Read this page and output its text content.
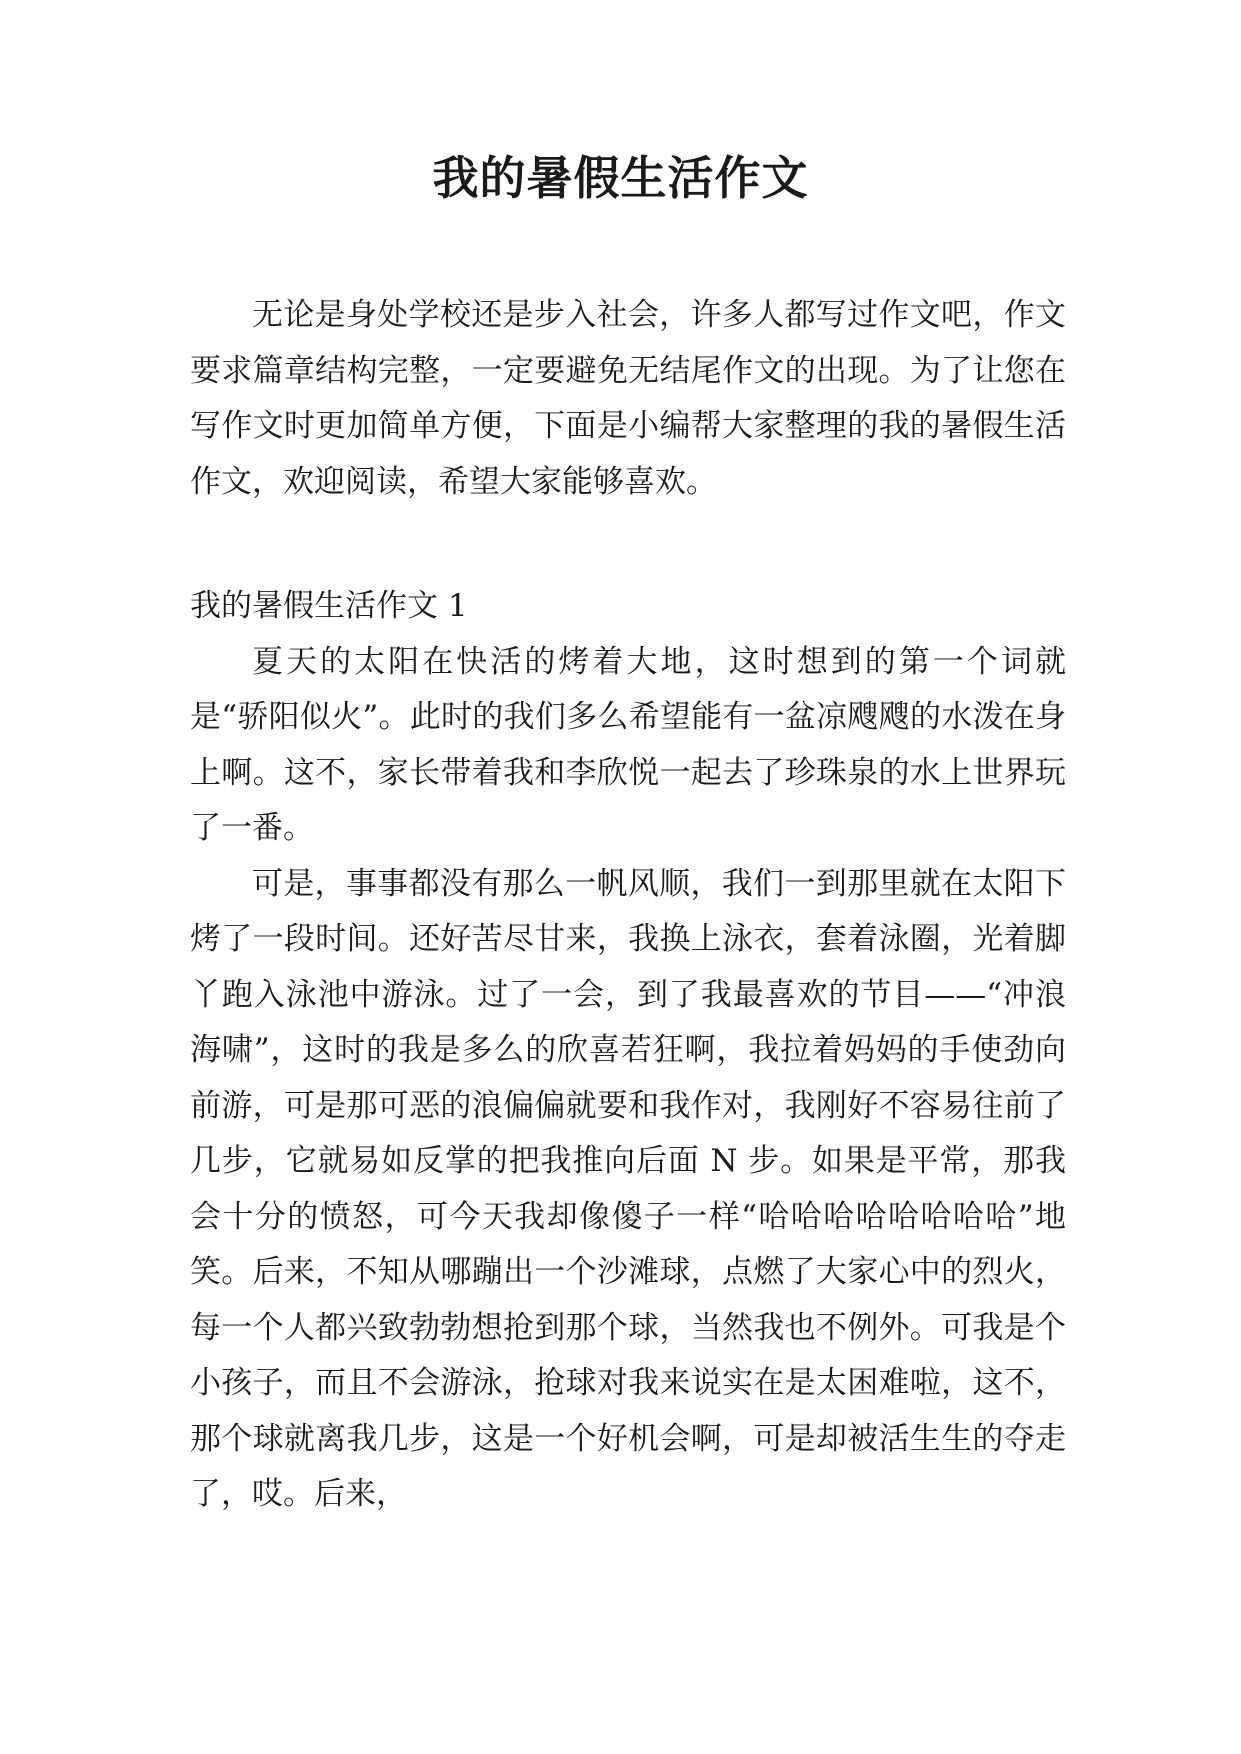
我的暑假生活作文

无论是身处学校还是步入社会，许多人都写过作文吧，作文要求篇章结构完整，一定要避免无结尾作文的出现。为了让您在写作文时更加简单方便，下面是小编帮大家整理的我的暑假生活作文，欢迎阅读，希望大家能够喜欢。

我的暑假生活作文 1

夏天的太阳在快活的烤着大地，这时想到的第一个词就是“骄阳似火”。此时的我们多么希望能有一盆凉飕飕的水泼在身上啊。这不，家长带着我和李欣悦一起去了珍珠泉的水上世界玩了一番。

可是，事事都没有那么一帆风顺，我们一到那里就在太阳下烤了一段时间。还好苦尽甘来，我换上泳衣，套着泳圈，光着脚丫跑入泳池中游泳。过了一会，到了我最喜欢的节目——“冲浪海啸”，这时的我是多么的欣喜若狂啊，我拉着妈妈的手使劲向前游，可是那可恶的浪偏偏就要和我作对，我刚好不容易往前了几步，它就易如反掌的把我推向后面 N 步。如果是平常，那我会十分的愤怒，可今天我却像傻子一样“哈哈哈哈哈哈哈哈”地笑。后来，不知从哪蹦出一个沙滩球，点燃了大家心中的烈火，每一个人都兴致勃勃想抢到那个球，当然我也不例外。可我是个小孩子，而且不会游泳，抢球对我来说实在是太困难啦，这不，那个球就离我几步，这是一个好机会啊，可是却被活生生的夺走了，哎。后来，
